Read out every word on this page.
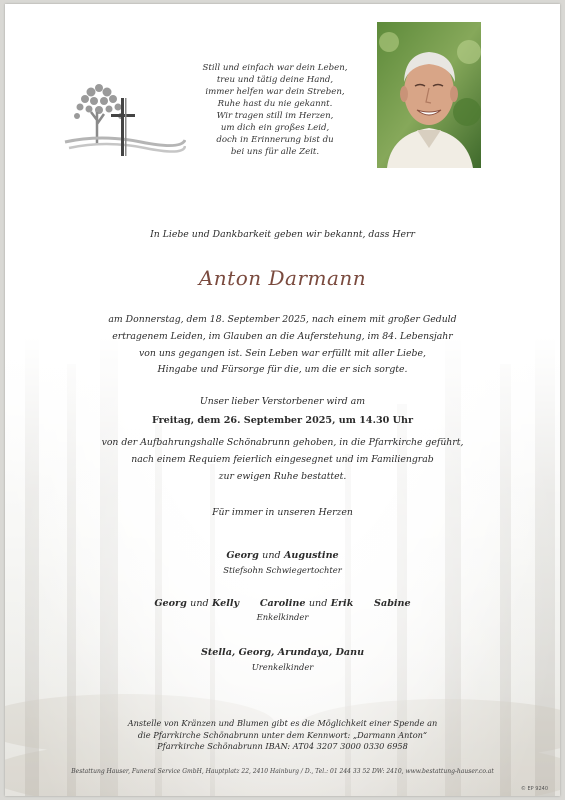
Still und einfach war dein Leben,
treu und tätig deine Hand,
immer helfen war dein Streben,
Ruhe hast du nie gekannt.
Wir tragen still im Herzen,
um dich ein großes Leid,
doch in Erinnerung bist du
bei uns für alle Zeit.
In Liebe und Dankbarkeit geben wir bekannt, dass Herr
Anton Darmann
am Donnerstag, dem 18. September 2025, nach einem mit großer Geduld
ertragenem Leiden, im Glauben an die Auferstehung, im 84. Lebensjahr
von uns gegangen ist. Sein Leben war erfüllt mit aller Liebe,
Hingabe und Fürsorge für die, um die er sich sorgte.
Unser lieber Verstorbener wird am
Freitag, dem 26. September 2025, um 14.30 Uhr
von der Aufbahrungshalle Schönabrunn gehoben, in die Pfarrkirche geführt,
nach einem Requiem feierlich eingesegnet und im Familiengrab
zur ewigen Ruhe bestattet.
Für immer in unseren Herzen
Georg und Augustine
Stiefsohn Schwiegertochter
Georg und Kelly Caroline und Erik Sabine
Enkelkinder
Stella, Georg, Arundaya, Danu
Urenkelkinder
Anstelle von Kränzen und Blumen gibt es die Möglichkeit einer Spende an
die Pfarrkirche Schönabrunn unter dem Kennwort: „Darmann Anton“
Pfarrkirche Schönabrunn IBAN: AT04 3207 3000 0330 6958
Bestattung Hauser, Funeral Service GmbH, Hauptplatz 22, 2410 Hainburg / D., Tel.: 01 244 33 52 DW: 2410, www.bestattung-hauser.co.at
© EP 9240
